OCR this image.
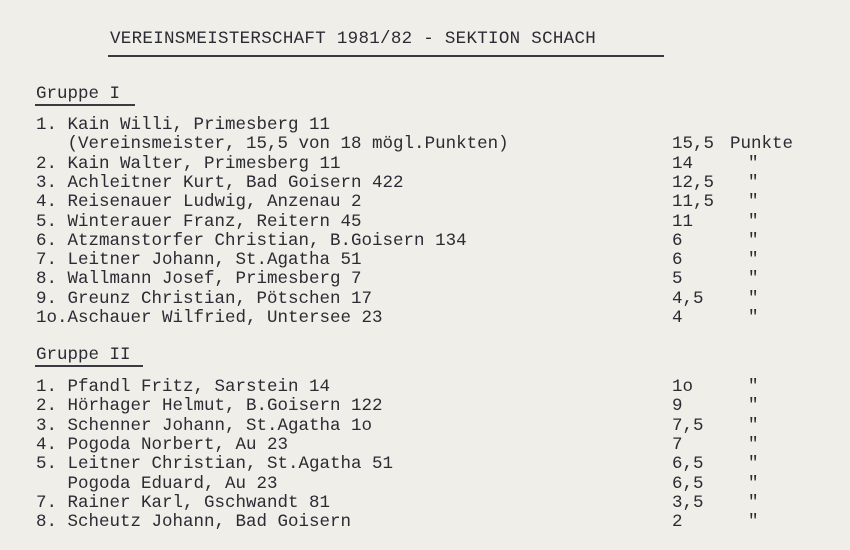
VEREINSMEISTERSCHAFT 1981/82 - SEKTION SCHACH
Gruppe I
1. Kain Willi, Primesberg 11
(Vereinsmeister, 15,5 von 18 mögl.Punkten)	15,5 Punkte
2. Kain Walter, Primesberg 11	14	"
3. Achleitner Kurt, Bad Goisern 422	12,5 "
4. Reisenauer Ludwig, Anzenau 2	11,5 "
5. Winterauer Franz, Reitern 45	11	"
6. Atzmanstorfer Christian, B.Goisern 134	6	"
7. Leitner Johann, St.Agatha 51	6	"
8. Wallmann Josef, Primesberg 7	5	"
9. Greunz Christian, Pötschen 17	4,5	"
1o.Aschauer Wilfried, Untersee 23	4	"
Gruppe II
1. Pfandl Fritz, Sarstein 14	1o	"
2. Hörhager Helmut, B.Goisern 122	9	"
3. Schenner Johann, St.Agatha 1o	7,5	"
4. Pogoda Norbert, Au 23	7	"
5. Leitner Christian, St.Agatha 51	6,5	"
Pogoda Eduard, Au 23	6,5	"
7. Rainer Karl, Gschwandt 81	3,5	"
8. Scheutz Johann, Bad Goisern	2	"
